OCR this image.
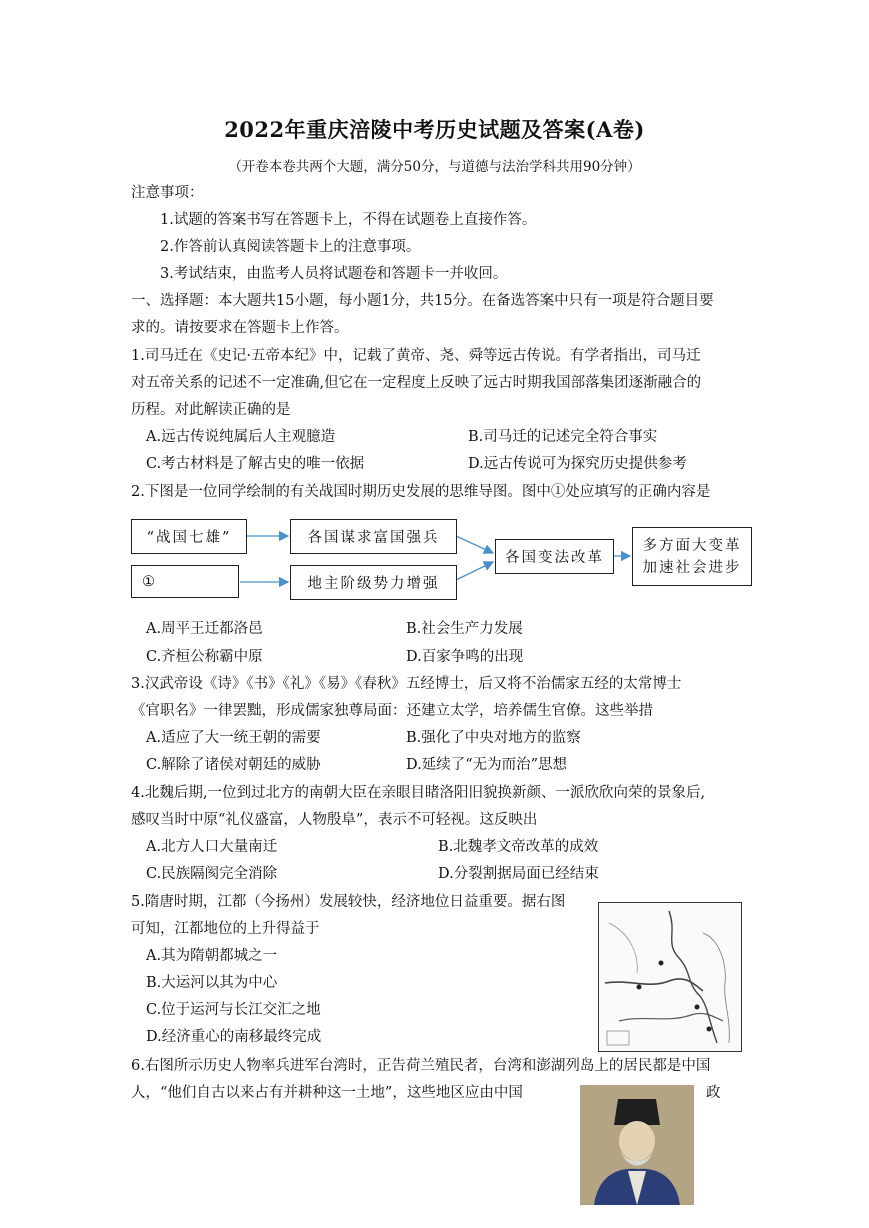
2022年重庆涪陵中考历史试题及答案(A卷)
（开卷本卷共两个大题，满分50分，与道德与法治学科共用90分钟）
注意事项：
1.试题的答案书写在答题卡上，不得在试题卷上直接作答。
2.作答前认真阅读答题卡上的注意事项。
3.考试结束，由监考人员将试题卷和答题卡一并收回。
一、选择题：本大题共15小题，每小题1分，共15分。在备选答案中只有一项是符合题目要
求的。请按要求在答题卡上作答。
1.司马迁在《史记·五帝本纪》中，记载了黄帝、尧、舜等远古传说。有学者指出，司马迁
对五帝关系的记述不一定准确,但它在一定程度上反映了远古时期我国部落集团逐渐融合的
历程。对此解读正确的是
A.远古传说纯属后人主观臆造	B.司马迁的记述完全符合事实
C.考古材料是了解古史的唯一依据	D.远古传说可为探究历史提供参考
2.下图是一位同学绘制的有关战国时期历史发展的思维导图。图中①处应填写的正确内容是
“战国七雄”
①
各国谋求富国强兵
地主阶级势力增强
各国变法改革
多方面大变革
加速社会进步
A.周平王迁都洛邑	B.社会生产力发展
C.齐桓公称霸中原	D.百家争鸣的出现
3.汉武帝设《诗》《书》《礼》《易》《春秋》五经博士，后又将不治儒家五经的太常博士
《官职名》一律罢黜，形成儒家独尊局面：还建立太学，培养儒生官僚。这些举措
A.适应了大一统王朝的需要	B.强化了中央对地方的监察
C.解除了诸侯对朝廷的威胁	D.延续了“无为而治”思想
4.北魏后期,一位到过北方的南朝大臣在亲眼目睹洛阳旧貌换新颜、一派欣欣向荣的景象后,
感叹当时中原“礼仪盛富，人物殷阜”，表示不可轻视。这反映出
A.北方人口大量南迁	B.北魏孝文帝改革的成效
C.民族隔阂完全消除	D.分裂割据局面已经结束
5.隋唐时期，江都（今扬州）发展较快，经济地位日益重要。据右图
可知，江都地位的上升得益于
A.其为隋朝都城之一
B.大运河以其为中心
C.位于运河与长江交汇之地
D.经济重心的南移最终完成
6.右图所示历史人物率兵进军台湾时，正告荷兰殖民者，台湾和澎湖列岛上的居民都是中国
人，“他们自古以来占有并耕种这一土地”，这些地区应由中国	政
